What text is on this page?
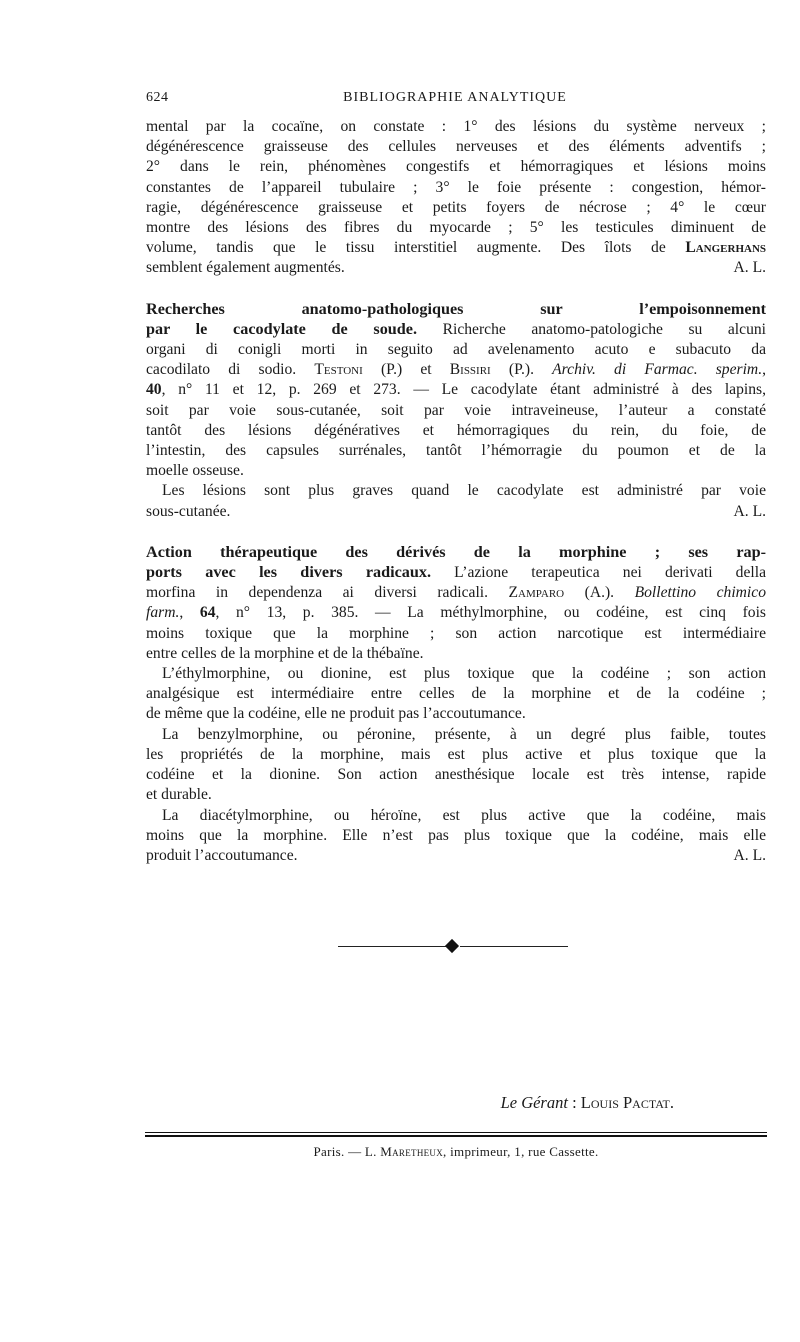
624	BIBLIOGRAPHIE ANALYTIQUE
mental par la cocaïne, on constate : 1° des lésions du système nerveux ;
dégénérescence graisseuse des cellules nerveuses et des éléments adventifs ;
2° dans le rein, phénomènes congestifs et hémorragiques et lésions moins
constantes de l’appareil tubulaire ; 3° le foie présente : congestion, hémor-
ragie, dégénérescence graisseuse et petits foyers de nécrose ; 4° le cœur
montre des lésions des fibres du myocarde ; 5° les testicules diminuent de
volume, tandis que le tissu interstitiel augmente. Des îlots de Langerhans
semblent également augmentés.	A. L.
Recherches anatomo-pathologiques sur l’empoisonnement
par le cacodylate de soude. Richerche anatomo-patologiche su alcuni
organi di conigli morti in seguito ad avelenamento acuto e subacuto da
cacodilato di sodio. Testoni (P.) et Bissiri (P.). Archiv. di Farmac. sperim.,
40, n° 11 et 12, p. 269 et 273. — Le cacodylate étant administré à des lapins,
soit par voie sous-cutanée, soit par voie intraveineuse, l’auteur a constaté
tantôt des lésions dégénératives et hémorragiques du rein, du foie, de
l’intestin, des capsules surrénales, tantôt l’hémorragie du poumon et de la
moelle osseuse.
Les lésions sont plus graves quand le cacodylate est administré par voie
sous-cutanée.	A. L.
Action thérapeutique des dérivés de la morphine ; ses rap-
ports avec les divers radicaux. L’azione terapeutica nei derivati della
morfina in dependenza ai diversi radicali. Zamparo (A.). Bollettino chimico
farm., 64, n° 13, p. 385. — La méthylmorphine, ou codéine, est cinq fois
moins toxique que la morphine ; son action narcotique est intermédiaire
entre celles de la morphine et de la thébaïne.
L’éthylmorphine, ou dionine, est plus toxique que la codéine ; son action
analgésique est intermédiaire entre celles de la morphine et de la codéine ;
de même que la codéine, elle ne produit pas l’accoutumance.
La benzylmorphine, ou péronine, présente, à un degré plus faible, toutes
les propriétés de la morphine, mais est plus active et plus toxique que la
codéine et la dionine. Son action anesthésique locale est très intense, rapide
et durable.
La diacétylmorphine, ou héroïne, est plus active que la codéine, mais
moins que la morphine. Elle n’est pas plus toxique que la codéine, mais elle
produit l’accoutumance.	A. L.
Le Gérant : Louis Pactat.
Paris. — L. Maretheux, imprimeur, 1, rue Cassette.
